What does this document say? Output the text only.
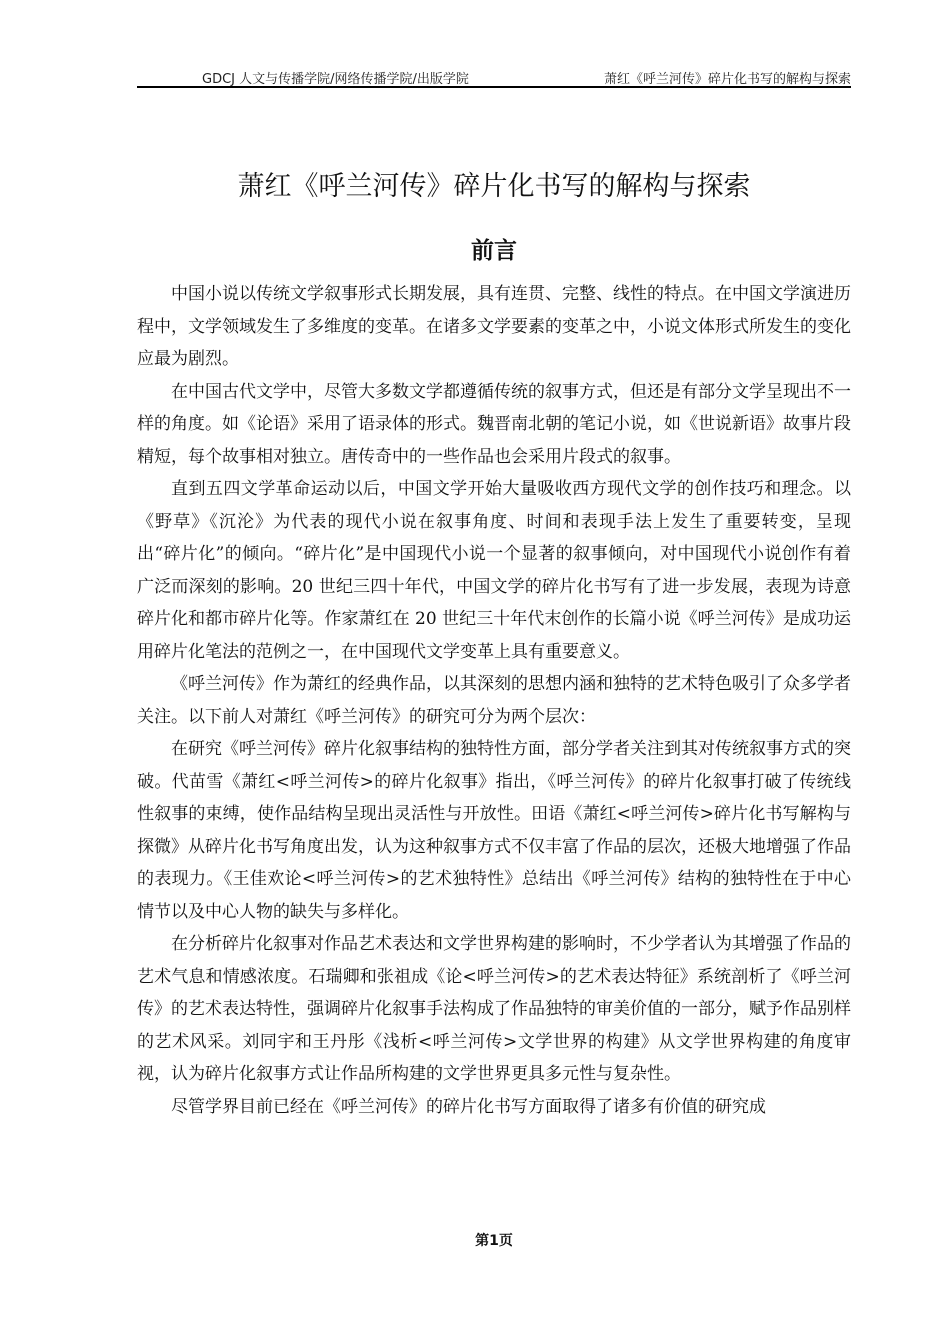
GDCJ 人文与传播学院/网络传播学院/出版学院	萧红《呼兰河传》碎片化书写的解构与探索
萧红《呼兰河传》碎片化书写的解构与探索
前言

中国小说以传统文学叙事形式长期发展，具有连贯、完整、线性的特点。在中国文学演进历程中，文学领域发生了多维度的变革。在诸多文学要素的变革之中，小说文体形式所发生的变化应最为剧烈。

在中国古代文学中，尽管大多数文学都遵循传统的叙事方式，但还是有部分文学呈现出不一样的角度。如《论语》采用了语录体的形式。魏晋南北朝的笔记小说，如《世说新语》故事片段精短，每个故事相对独立。唐传奇中的一些作品也会采用片段式的叙事。

直到五四文学革命运动以后，中国文学开始大量吸收西方现代文学的创作技巧和理念。以《野草》《沉沦》为代表的现代小说在叙事角度、时间和表现手法上发生了重要转变，呈现出“碎片化”的倾向。“碎片化”是中国现代小说一个显著的叙事倾向，对中国现代小说创作有着广泛而深刻的影响。20 世纪三四十年代，中国文学的碎片化书写有了进一步发展，表现为诗意碎片化和都市碎片化等。作家萧红在 20 世纪三十年代末创作的长篇小说《呼兰河传》是成功运用碎片化笔法的范例之一，在中国现代文学变革上具有重要意义。

《呼兰河传》作为萧红的经典作品，以其深刻的思想内涵和独特的艺术特色吸引了众多学者关注。以下前人对萧红《呼兰河传》的研究可分为两个层次：

在研究《呼兰河传》碎片化叙事结构的独特性方面，部分学者关注到其对传统叙事方式的突破。代苗雪《萧红<呼兰河传>的碎片化叙事》指出，《呼兰河传》的碎片化叙事打破了传统线性叙事的束缚，使作品结构呈现出灵活性与开放性。田语《萧红<呼兰河传>碎片化书写解构与探微》从碎片化书写角度出发，认为这种叙事方式不仅丰富了作品的层次，还极大地增强了作品的表现力。《王佳欢论<呼兰河传>的艺术独特性》总结出《呼兰河传》结构的独特性在于中心情节以及中心人物的缺失与多样化。

在分析碎片化叙事对作品艺术表达和文学世界构建的影响时，不少学者认为其增强了作品的艺术气息和情感浓度。石瑞卿和张祖成《论<呼兰河传>的艺术表达特征》系统剖析了《呼兰河传》的艺术表达特性，强调碎片化叙事手法构成了作品独特的审美价值的一部分，赋予作品别样的艺术风采。刘同宇和王丹彤《浅析<呼兰河传>文学世界的构建》从文学世界构建的角度审视，认为碎片化叙事方式让作品所构建的文学世界更具多元性与复杂性。

尽管学界目前已经在《呼兰河传》的碎片化书写方面取得了诸多有价值的研究成

第1页
